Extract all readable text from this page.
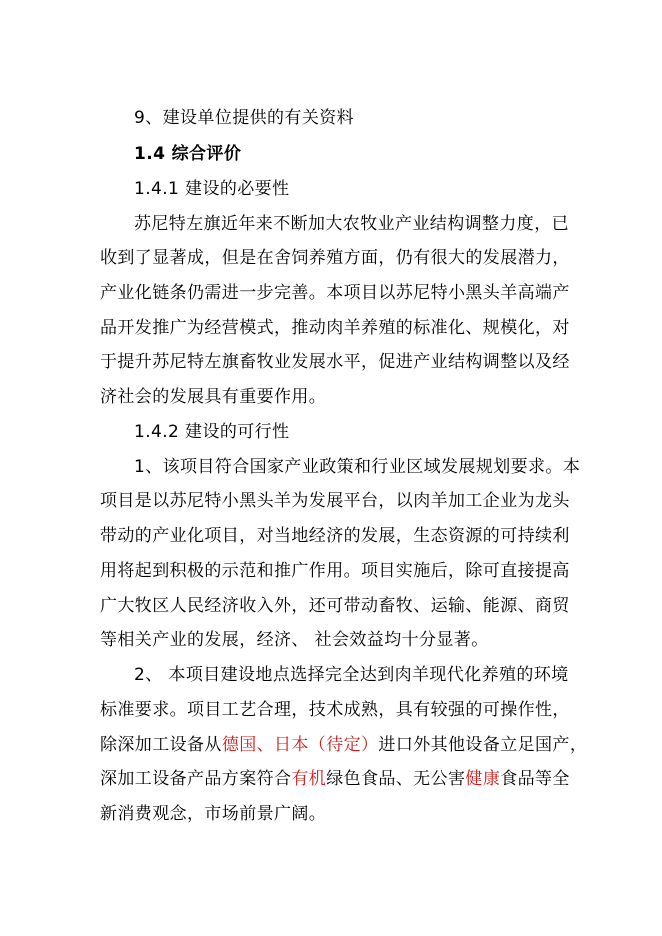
9、建设单位提供的有关资料
1.4 综合评价
1.4.1 建设的必要性
苏尼特左旗近年来不断加大农牧业产业结构调整力度，已
收到了显著成，但是在舍饲养殖方面，仍有很大的发展潜力，
产业化链条仍需进一步完善。本项目以苏尼特小黑头羊高端产
品开发推广为经营模式，推动肉羊养殖的标准化、规模化，对
于提升苏尼特左旗畜牧业发展水平，促进产业结构调整以及经
济社会的发展具有重要作用。
1.4.2 建设的可行性
1、该项目符合国家产业政策和行业区域发展规划要求。本
项目是以苏尼特小黑头羊为发展平台，以肉羊加工企业为龙头
带动的产业化项目，对当地经济的发展，生态资源的可持续利
用将起到积极的示范和推广作用。项目实施后，除可直接提高
广大牧区人民经济收入外，还可带动畜牧、运输、能源、商贸
等相关产业的发展，经济、 社会效益均十分显著。
2、 本项目建设地点选择完全达到肉羊现代化养殖的环境
标准要求。项目工艺合理，技术成熟，具有较强的可操作性，
除深加工设备从德国、日本（待定）进口外其他设备立足国产，
深加工设备产品方案符合有机绿色食品、无公害健康食品等全
新消费观念，市场前景广阔。
